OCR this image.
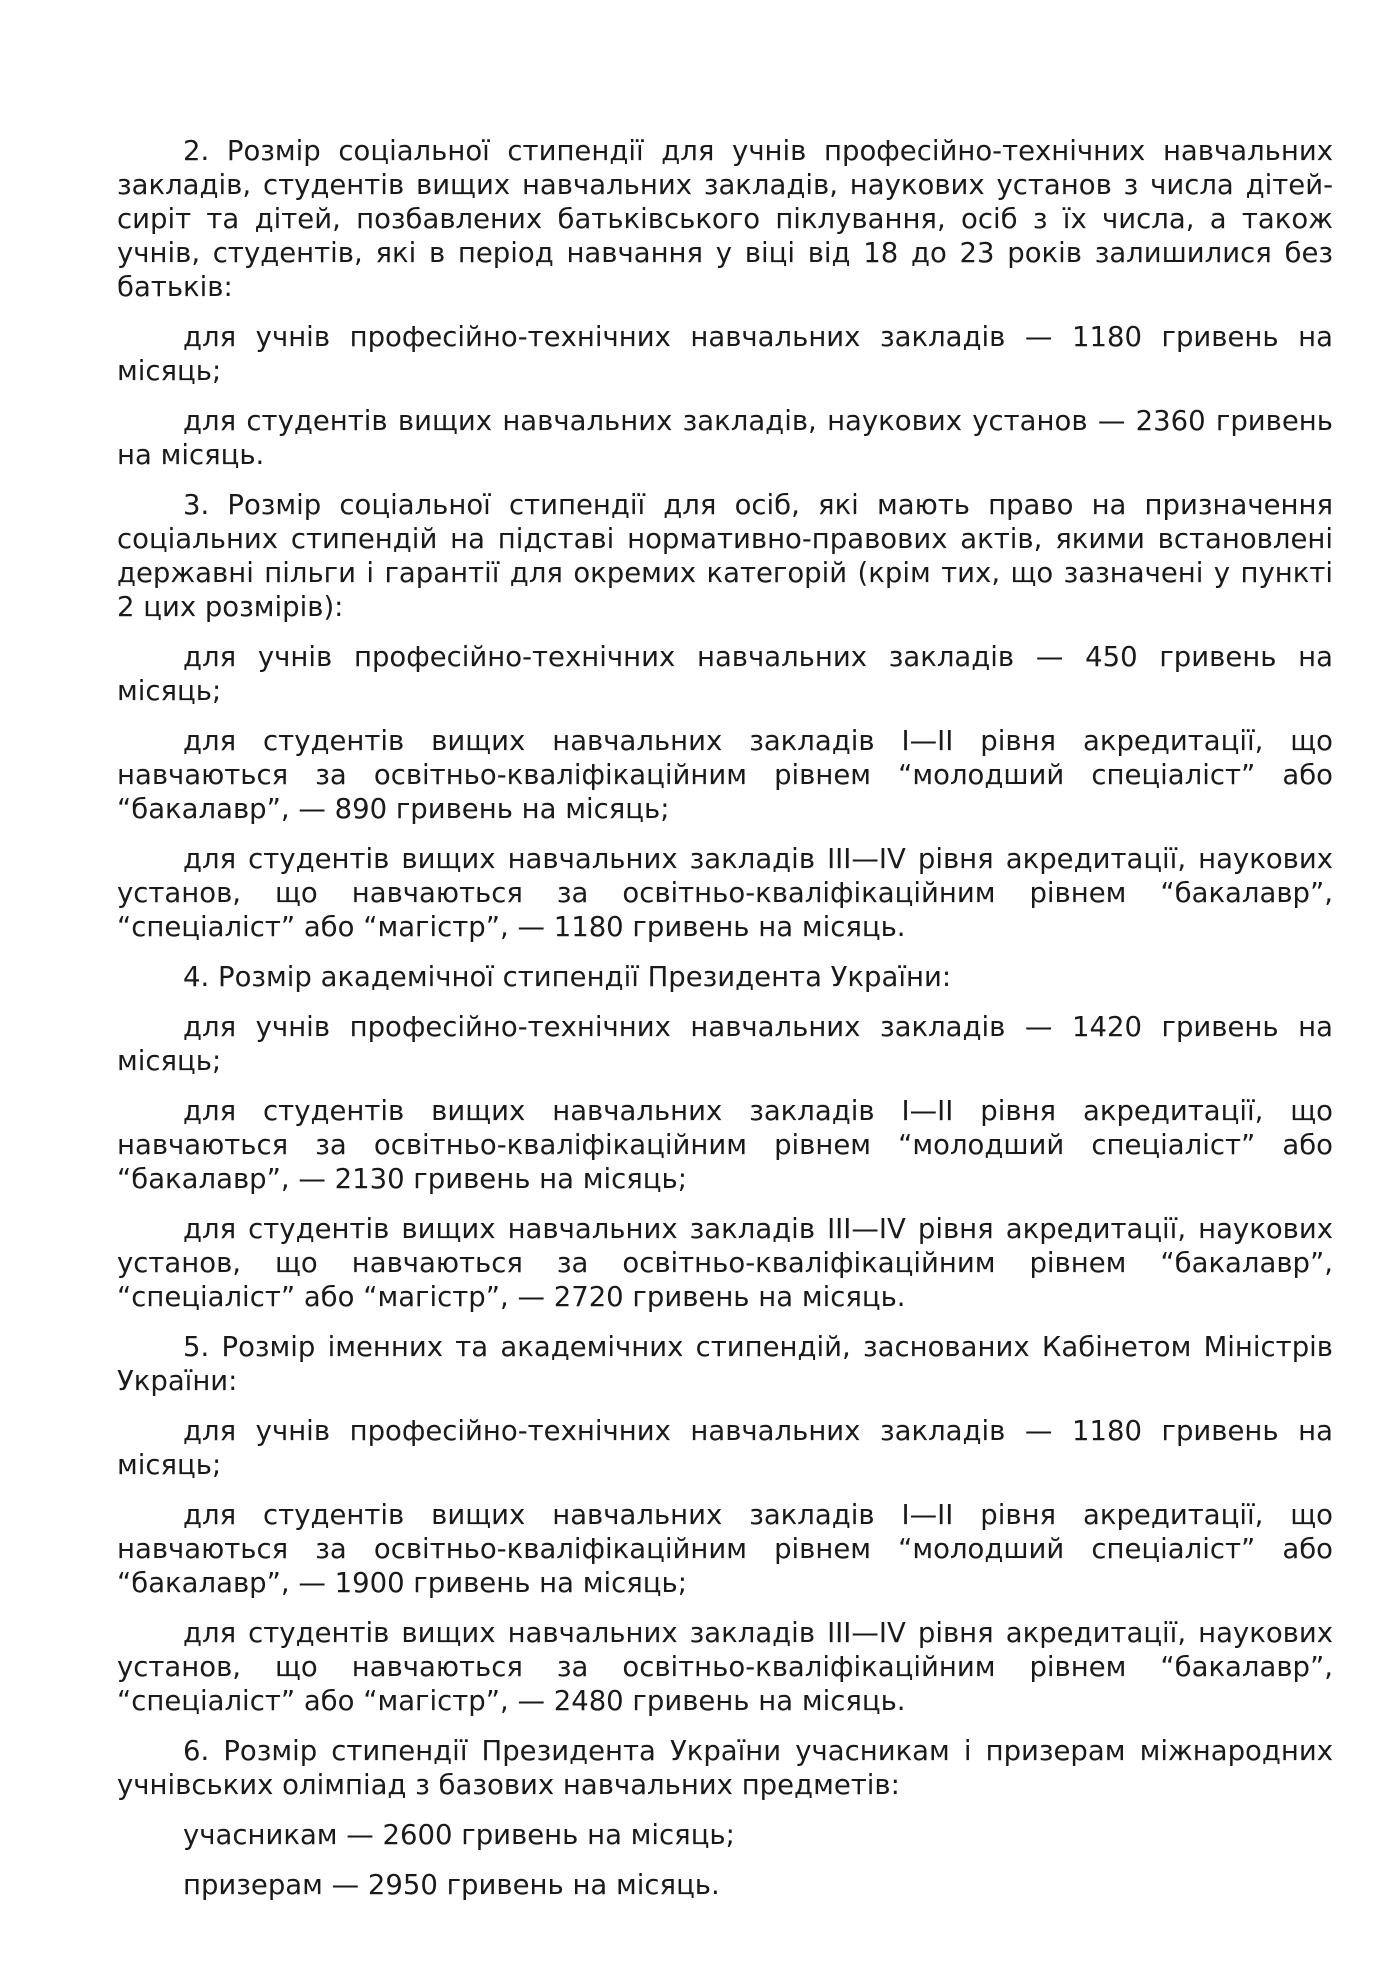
2. Розмір соціальної стипендії для учнів професійно-технічних навчальних закладів, студентів вищих навчальних закладів, наукових установ з числа дітей-сиріт та дітей, позбавлених батьківського піклування, осіб з їх числа, а також учнів, студентів, які в період навчання у віці від 18 до 23 років залишилися без батьків:

для учнів професійно-технічних навчальних закладів — 1180 гривень на місяць;

для студентів вищих навчальних закладів, наукових установ — 2360 гривень на місяць.

3. Розмір соціальної стипендії для осіб, які мають право на призначення соціальних стипендій на підставі нормативно-правових актів, якими встановлені державні пільги і гарантії для окремих категорій (крім тих, що зазначені у пункті 2 цих розмірів):

для учнів професійно-технічних навчальних закладів — 450 гривень на місяць;

для студентів вищих навчальних закладів I—II рівня акредитації, що навчаються за освітньо-кваліфікаційним рівнем “молодший спеціаліст” або “бакалавр”, — 890 гривень на місяць;

для студентів вищих навчальних закладів III—IV рівня акредитації, наукових установ, що навчаються за освітньо-кваліфікаційним рівнем “бакалавр”, “спеціаліст” або “магістр”, — 1180 гривень на місяць.

4. Розмір академічної стипендії Президента України:

для учнів професійно-технічних навчальних закладів — 1420 гривень на місяць;

для студентів вищих навчальних закладів I—II рівня акредитації, що навчаються за освітньо-кваліфікаційним рівнем “молодший спеціаліст” або “бакалавр”, — 2130 гривень на місяць;

для студентів вищих навчальних закладів III—IV рівня акредитації, наукових установ, що навчаються за освітньо-кваліфікаційним рівнем “бакалавр”, “спеціаліст” або “магістр”, — 2720 гривень на місяць.

5. Розмір іменних та академічних стипендій, заснованих Кабінетом Міністрів України:

для учнів професійно-технічних навчальних закладів — 1180 гривень на місяць;

для студентів вищих навчальних закладів I—II рівня акредитації, що навчаються за освітньо-кваліфікаційним рівнем “молодший спеціаліст” або “бакалавр”, — 1900 гривень на місяць;

для студентів вищих навчальних закладів III—IV рівня акредитації, наукових установ, що навчаються за освітньо-кваліфікаційним рівнем “бакалавр”, “спеціаліст” або “магістр”, — 2480 гривень на місяць.

6. Розмір стипендії Президента України учасникам і призерам міжнародних учнівських олімпіад з базових навчальних предметів:

учасникам — 2600 гривень на місяць;

призерам — 2950 гривень на місяць.
